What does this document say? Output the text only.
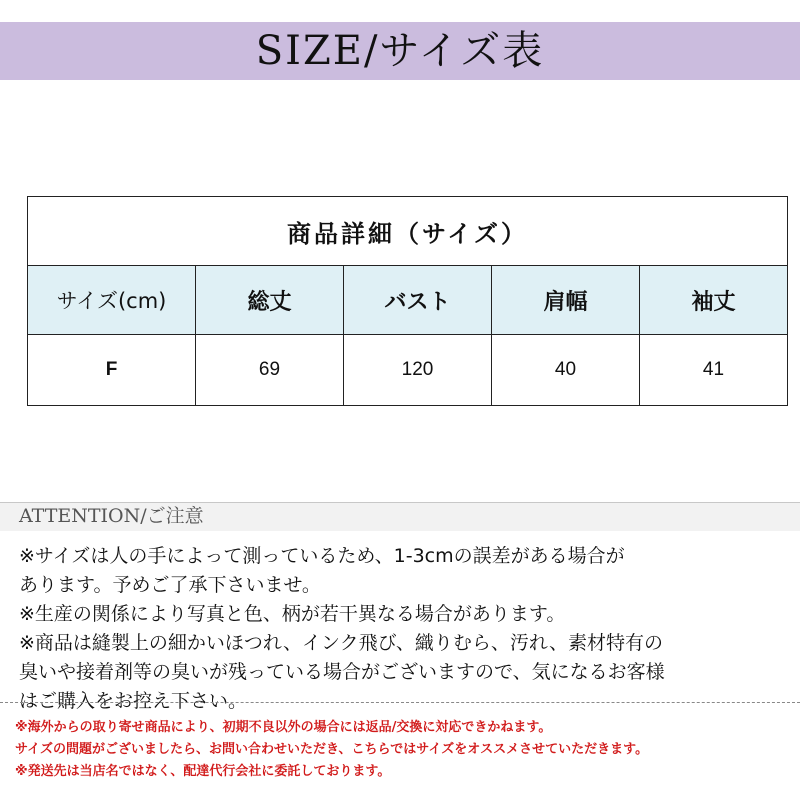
SIZE/サイズ表
商品詳細（サイズ）				
サイズ(cm)	総丈	バスト	肩幅	袖丈
F	69	120	40	41
ATTENTION/ご注意
※サイズは人の手によって測っているため、1-3cmの誤差がある場合が
あります。予めご了承下さいませ。
※生産の関係により写真と色、柄が若干異なる場合があります。
※商品は縫製上の細かいほつれ、インク飛び、織りむら、汚れ、素材特有の
臭いや接着剤等の臭いが残っている場合がございますので、気になるお客様
はご購入をお控え下さい。
※海外からの取り寄せ商品により、初期不良以外の場合には返品/交換に対応できかねます。
サイズの問題がございましたら、お問い合わせいただき、こちらではサイズをオススメさせていただきます。
※発送先は当店名ではなく、配達代行会社に委託しております。
